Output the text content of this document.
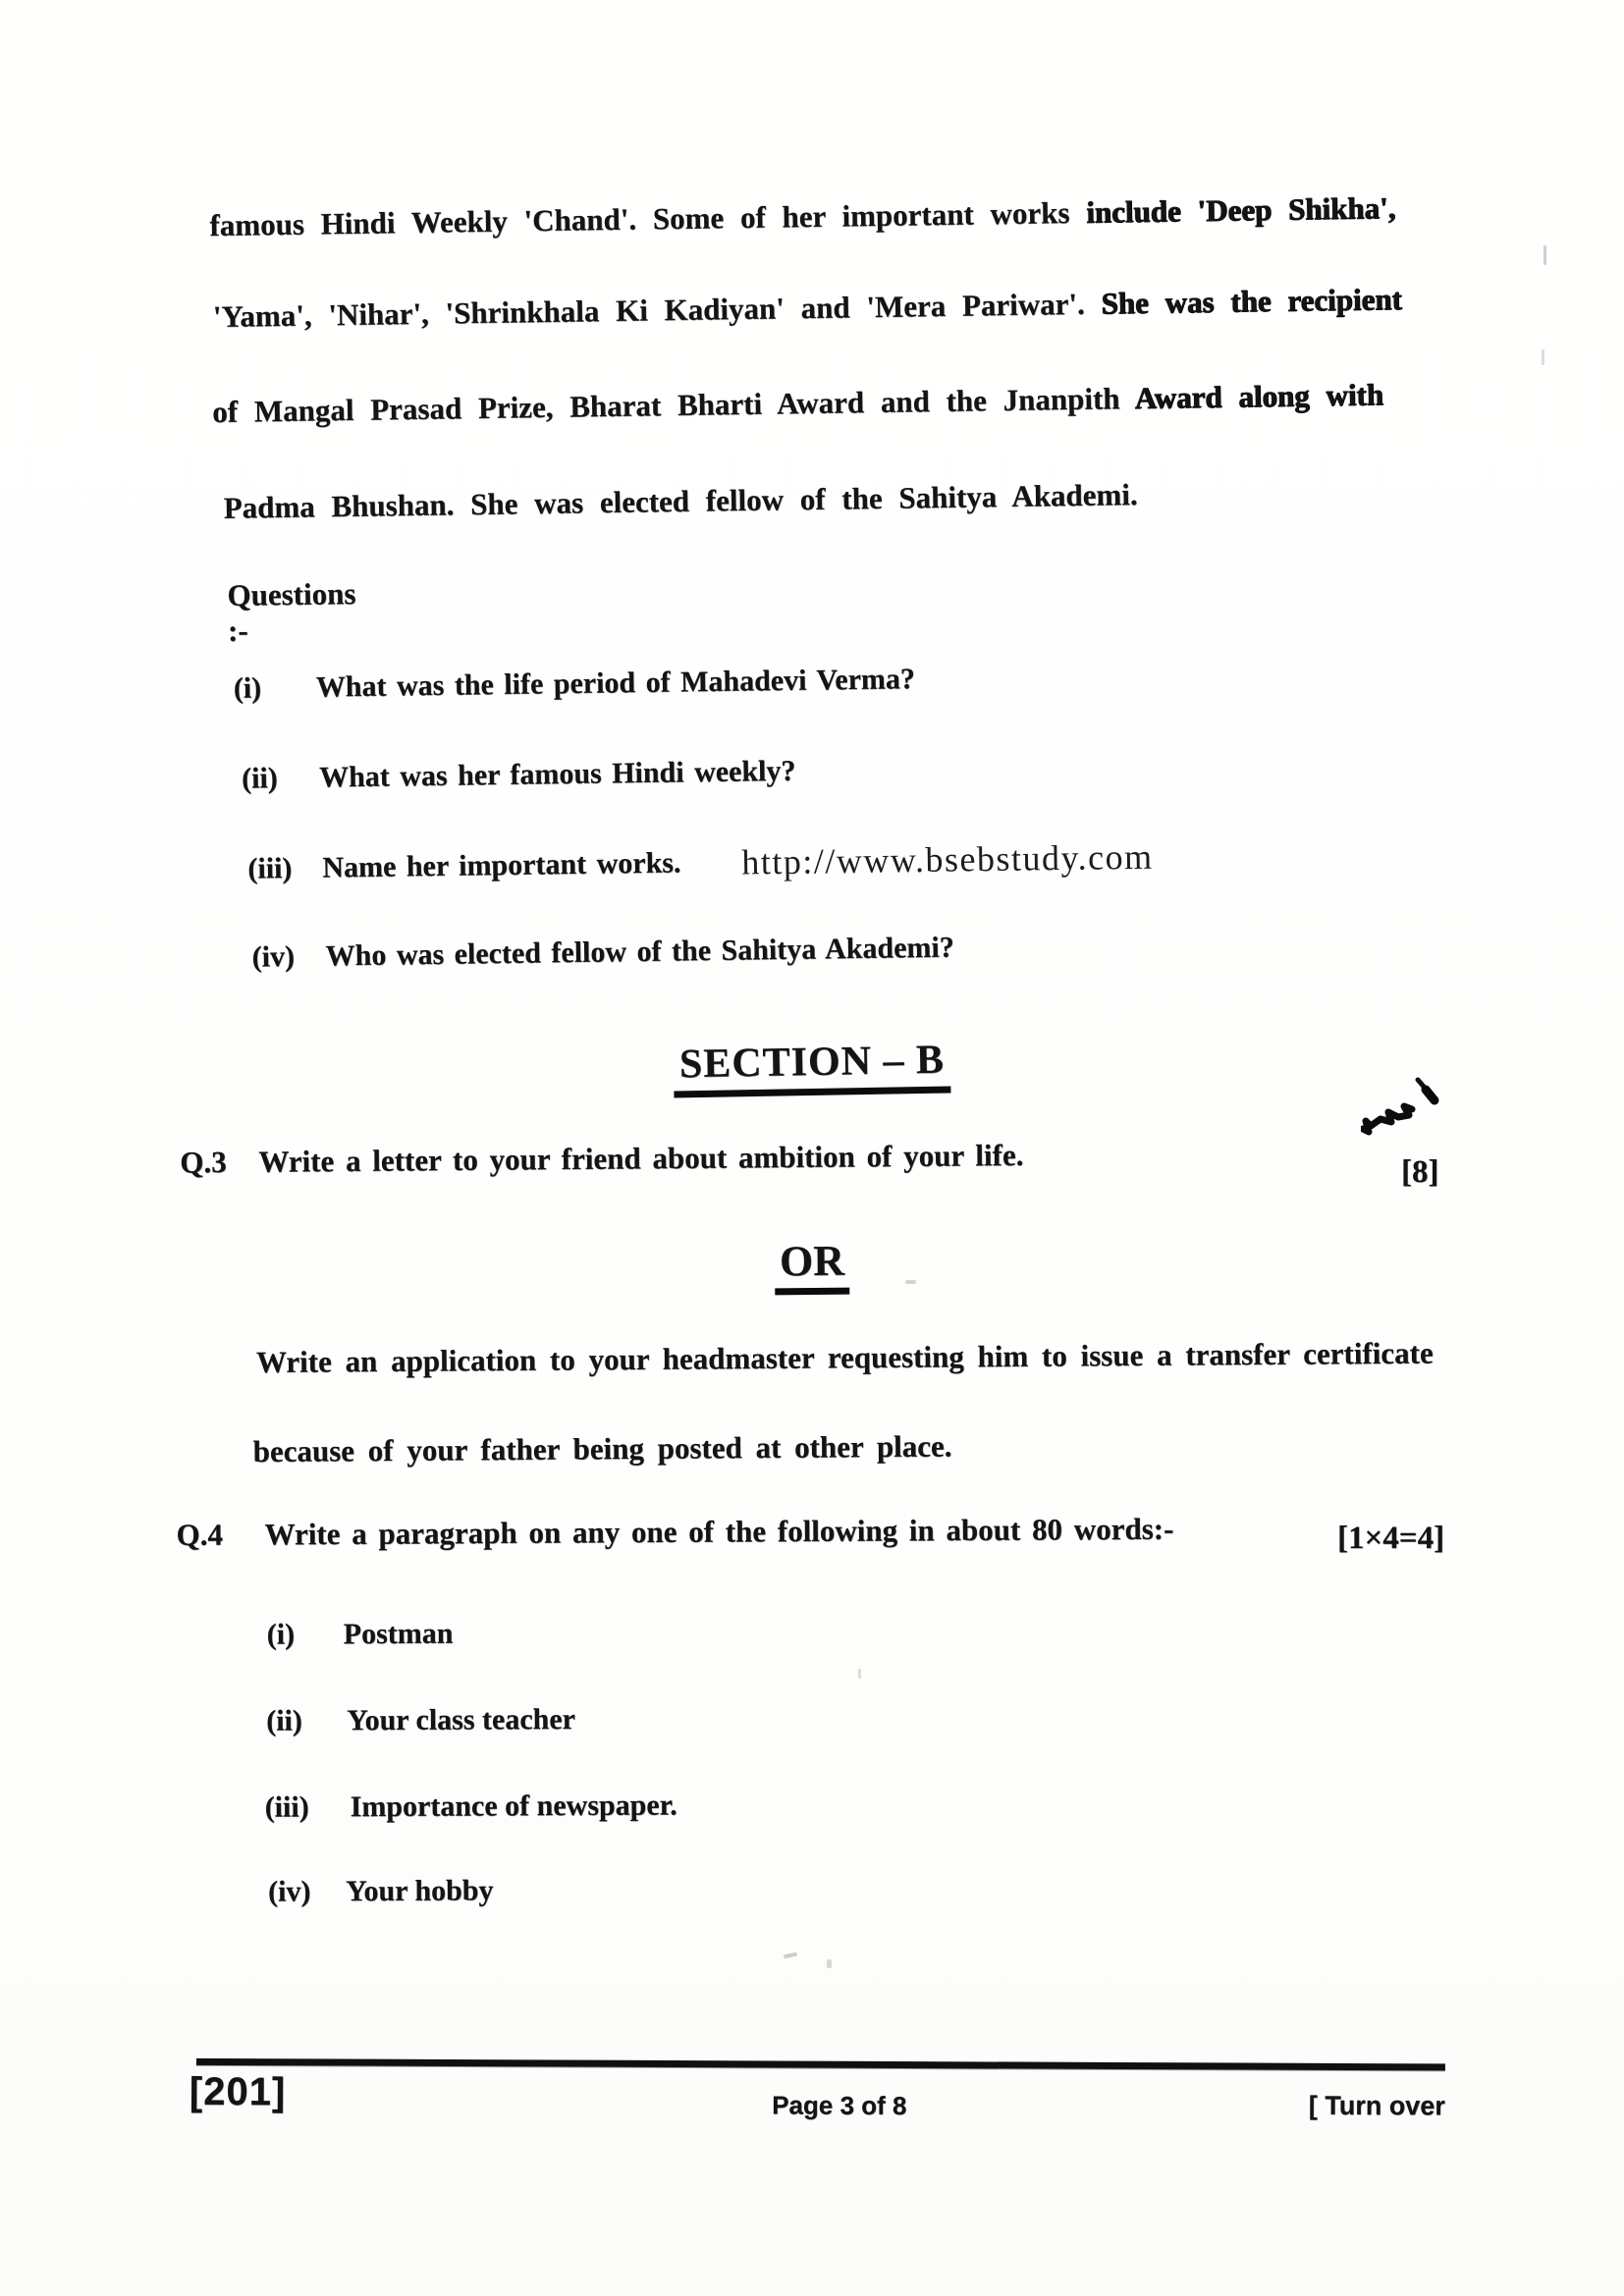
famous Hindi Weekly 'Chand'. Some of her important works include 'Deep Shikha',
'Yama', 'Nihar', 'Shrinkhala Ki Kadiyan' and 'Mera Pariwar'. She was the recipient
of Mangal Prasad Prize, Bharat Bharti Award and the Jnanpith Award along with
Padma Bhushan. She was elected fellow of the Sahitya Akademi.
Questions :-
(i) What was the life period of Mahadevi Verma?
(ii) What was her famous Hindi weekly?
(iii) Name her important works. http://www.bsebstudy.com
(iv) Who was elected fellow of the Sahitya Akademi?
SECTION – B
Q.3 Write a letter to your friend about ambition of your life.	[8]
OR
Write an application to your headmaster requesting him to issue a transfer certificate
because of your father being posted at other place.
Q.4 Write a paragraph on any one of the following in about 80 words:-	[1×4=4]
(i) Postman
(ii) Your class teacher
(iii) Importance of newspaper.
(iv) Your hobby
[201]	Page 3 of 8	[ Turn over
